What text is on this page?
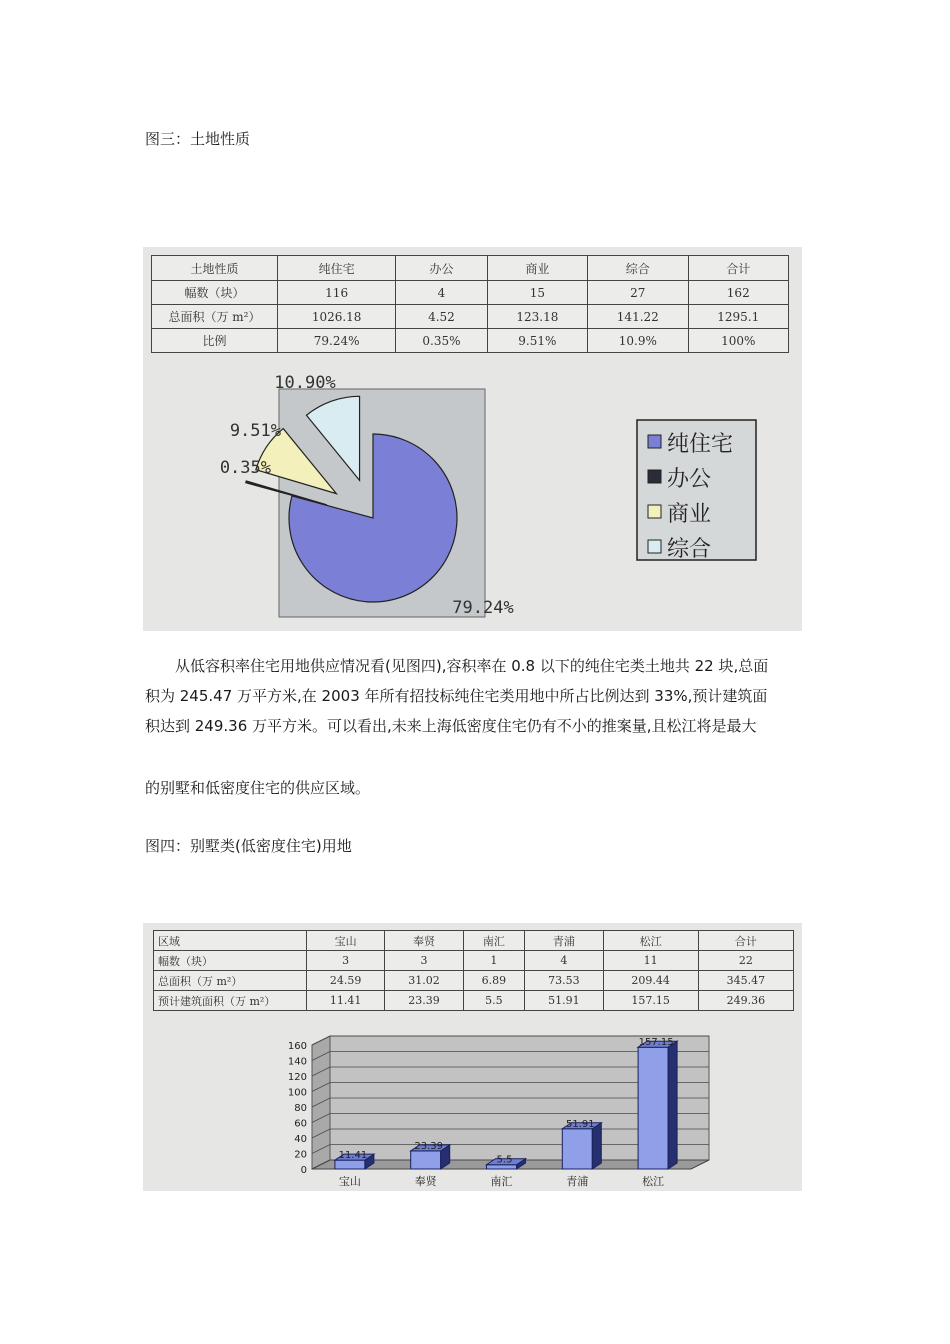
图三：土地性质
土地性质	纯住宅	办公	商业	综合	合计
幅数（块）	116	4	15	27	162
总面积（万 m²）	1026.18	4.52	123.18	141.22	1295.1
比例	79.24%	0.35%	9.51%	10.9%	100%
79.24%
0.35%
9.51%
10.90%
纯住宅
办公
商业
综合
从低容积率住宅用地供应情况看(见图四),容积率在 0.8 以下的纯住宅类土地共 22 块,总面
积为 245.47 万平方米,在 2003 年所有招技标纯住宅类用地中所占比例达到 33%,预计建筑面
积达到 249.36 万平方米。可以看出,未来上海低密度住宅仍有不小的推案量,且松江将是最大
的别墅和低密度住宅的供应区域。
图四：别墅类(低密度住宅)用地
区域	宝山	奉贤	南汇	青浦	松江	合计
幅数（块）	3	3	1	4	11	22
总面积（万 m²）	24.59	31.02	6.89	73.53	209.44	345.47
预计建筑面积（万 m²）	11.41	23.39	5.5	51.91	157.15	249.36
0
20
40
60
80
100
120
140
160
11.41
23.39
5.5
51.91
157.15
宝山	奉贤	南汇	青浦	松江
